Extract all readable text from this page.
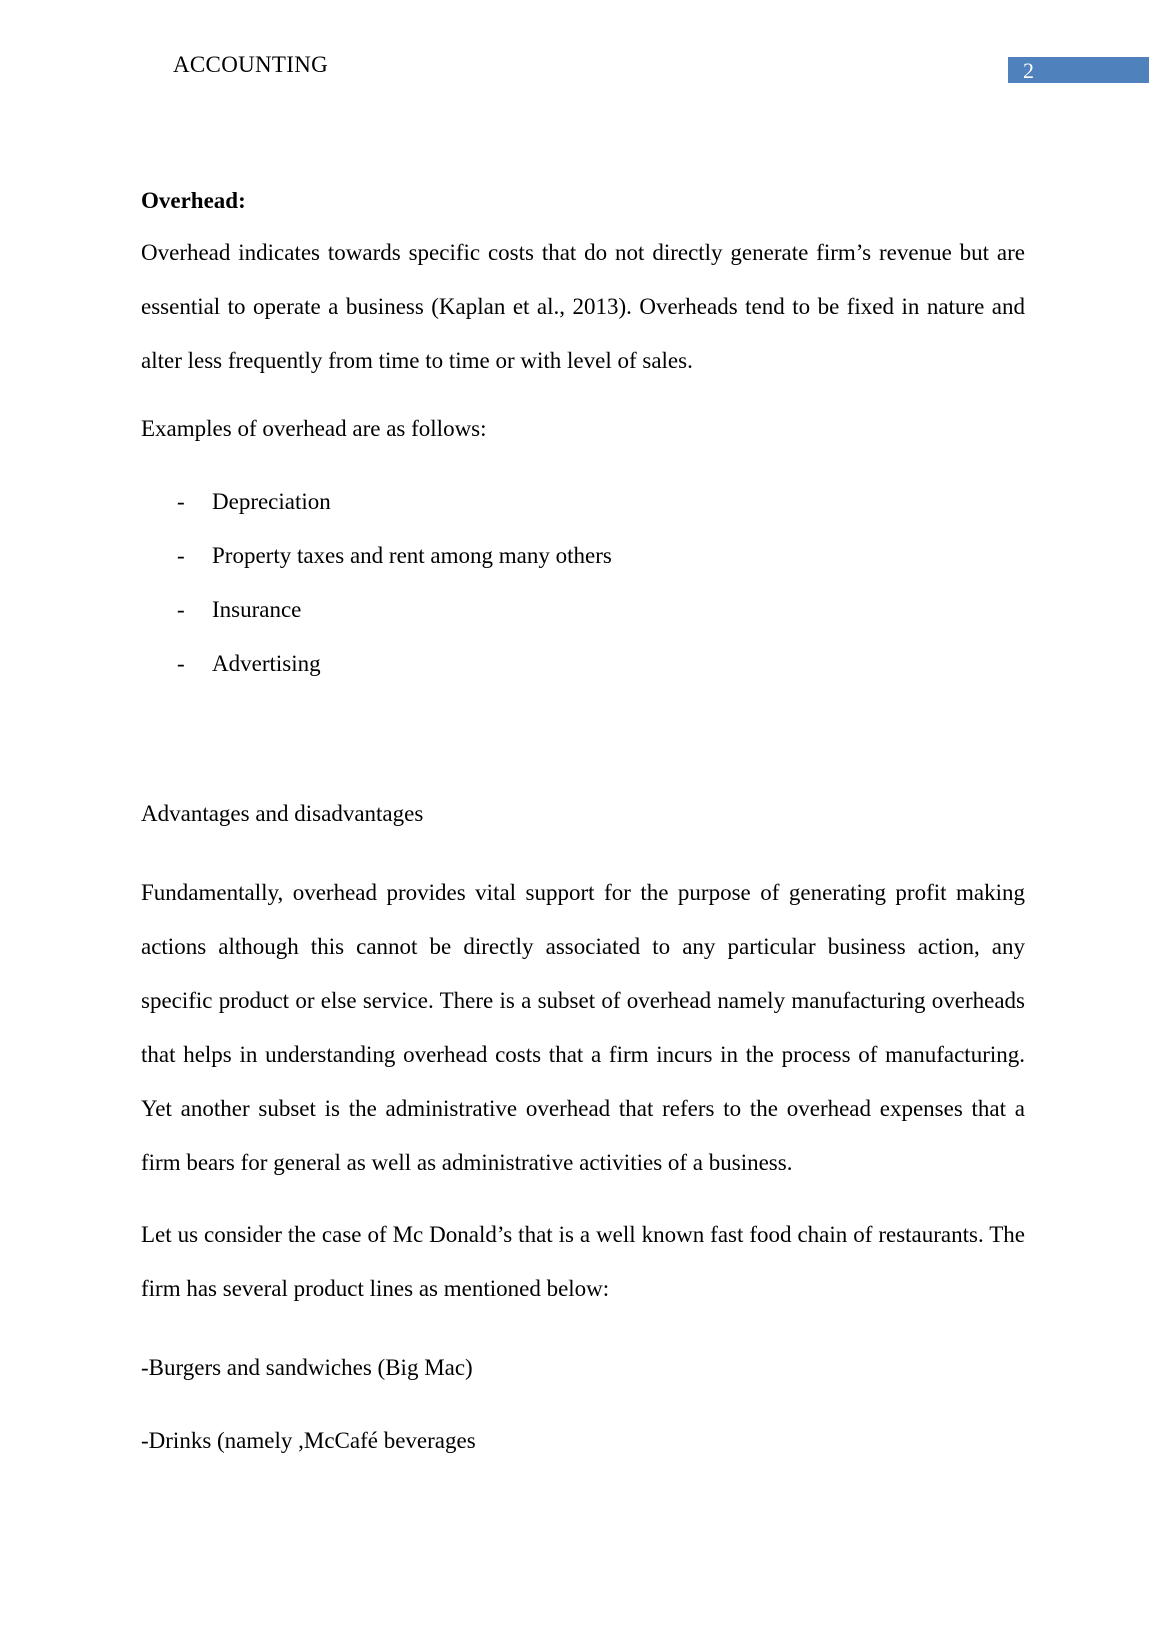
ACCOUNTING	2
Overhead:

Overhead indicates towards specific costs that do not directly generate firm’s revenue but are essential to operate a business (Kaplan et al., 2013). Overheads tend to be fixed in nature and alter less frequently from time to time or with level of sales.

Examples of overhead are as follows:
- Depreciation
- Property taxes and rent among many others
- Insurance
- Advertising
Advantages and disadvantages

Fundamentally, overhead provides vital support for the purpose of generating profit making actions although this cannot be directly associated to any particular business action, any specific product or else service. There is a subset of overhead namely manufacturing overheads that helps in understanding overhead costs that a firm incurs in the process of manufacturing. Yet another subset is the administrative overhead that refers to the overhead expenses that a firm bears for general as well as administrative activities of a business.

Let us consider the case of Mc Donald’s that is a well known fast food chain of restaurants. The firm has several product lines as mentioned below:

-Burgers and sandwiches (Big Mac)
-Drinks (namely ,McCafé beverages
